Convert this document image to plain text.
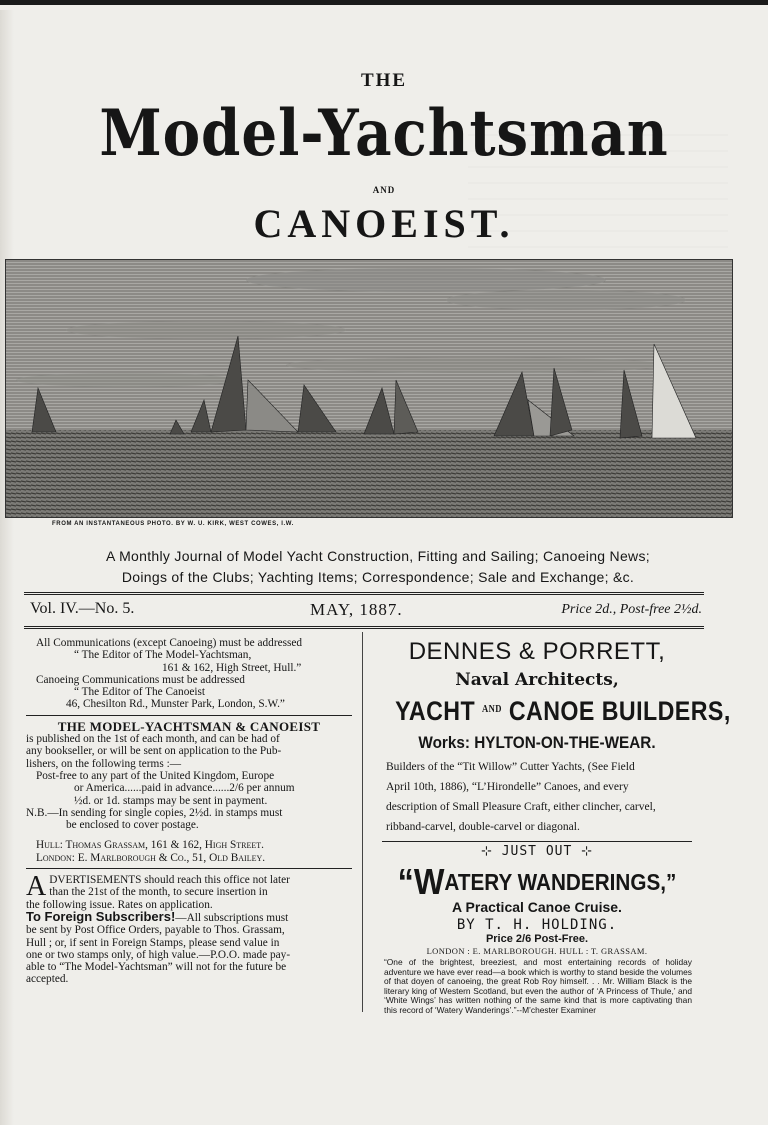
THE
Model-Yachtsman
AND
CANOEIST.
FROM AN INSTANTANEOUS PHOTO. BY W. U. KIRK, WEST COWES, I.W.
A Monthly Journal of Model Yacht Construction, Fitting and Sailing; Canoeing News;
Doings of the Clubs; Yachting Items; Correspondence; Sale and Exchange; &c.
Vol. IV.—No. 5.	MAY, 1887.	Price 2d., Post-free 2½d.

All Communications (except Canoeing) must be addressed

“ The Editor of The Model-Yachtsman,

161 & 162, High Street, Hull.”

Canoeing Communications must be addressed

“ The Editor of The Canoeist

46, Chesilton Rd., Munster Park, London, S.W.”

THE MODEL-YACHTSMAN & CANOEIST

is published on the 1st of each month, and can be had of

any bookseller, or will be sent on application to the Pub-

lishers, on the following terms :—

Post-free to any part of the United Kingdom, Europe

or America......paid in advance......2/6 per annum

½d. or 1d. stamps may be sent in payment.

N.B.—In sending for single copies, 2½d. in stamps must

be enclosed to cover postage.

Hull: Thomas Grassam, 161 & 162, High Street.

London: E. Marlborough & Co., 51, Old Bailey.

A DVERTISEMENTS should reach this office not later
than the 21st of the month, to secure insertion in
the following issue. Rates on application.

To Foreign Subscribers!—All subscriptions must

be sent by Post Office Orders, payable to Thos. Grassam,

Hull ; or, if sent in Foreign Stamps, please send value in

one or two stamps only, of high value.—P.O.O. made pay-

able to “The Model-Yachtsman” will not for the future be

accepted.

DENNES & PORRETT,
Naval Architects,
YACHT $^{AND}$ CANOE BUILDERS,
Works: HYLTON-ON-THE-WEAR.
Builders of the “Tit Willow” Cutter Yachts, (See Field
April 10th, 1886), “L’Hirondelle” Canoes, and every
description of Small Pleasure Craft, either clincher, carvel,
ribband-carvel, double-carvel or diagonal.
⊹ JUST OUT ⊹
“WATERY WANDERINGS,”
A Practical Canoe Cruise.
BY T. H. HOLDING.
Price 2/6 Post-Free.
LONDON : E. MARLBOROUGH. HULL : T. GRASSAM.
“One of the brightest, breeziest, and most entertaining records of holiday adventure we have ever read—a book which is worthy to stand beside the volumes of that doyen of canoeing, the great Rob Roy himself. . . Mr. William Black is the literary king of Western Scotland, but even the author of ‘A Princess of Thule,’ and ‘White Wings’ has written nothing of the same kind that is more captivating than this record of ‘Watery Wanderings’.”--M’chester Examiner
